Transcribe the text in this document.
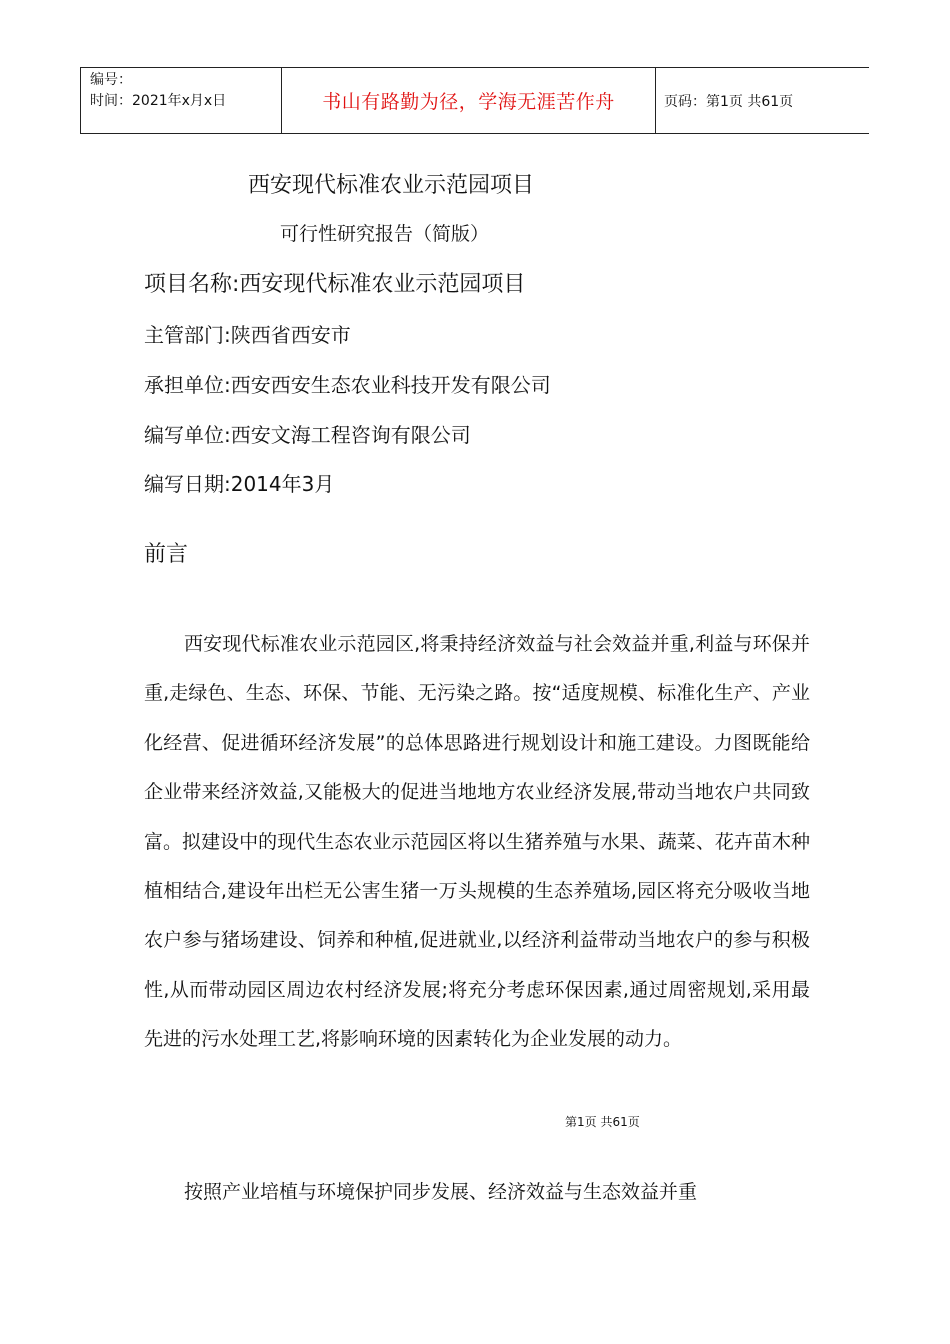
编号：
时间：2021年x月x日	书山有路勤为径，学海无涯苦作舟	页码：第1页 共61页
西安现代标准农业示范园项目
可行性研究报告（简版）
项目名称:西安现代标准农业示范园项目
主管部门:陕西省西安市
承担单位:西安西安生态农业科技开发有限公司
编写单位:西安文海工程咨询有限公司
编写日期:2014年3月
前言

西安现代标准农业示范园区,将秉持经济效益与社会效益并重,利益与环保并重,走绿色、生态、环保、节能、无污染之路。按“适度规模、标准化生产、产业化经营、促进循环经济发展”的总体思路进行规划设计和施工建设。力图既能给企业带来经济效益,又能极大的促进当地地方农业经济发展,带动当地农户共同致富。拟建设中的现代生态农业示范园区将以生猪养殖与水果、蔬菜、花卉苗木种植相结合,建设年出栏无公害生猪一万头规模的生态养殖场,园区将充分吸收当地农户参与猪场建设、饲养和种植,促进就业,以经济利益带动当地农户的参与积极性,从而带动园区周边农村经济发展;将充分考虑环保因素,通过周密规划,采用最先进的污水处理工艺,将影响环境的因素转化为企业发展的动力。

按照产业培植与环境保护同步发展、经济效益与生态效益并重

第1页 共61页
